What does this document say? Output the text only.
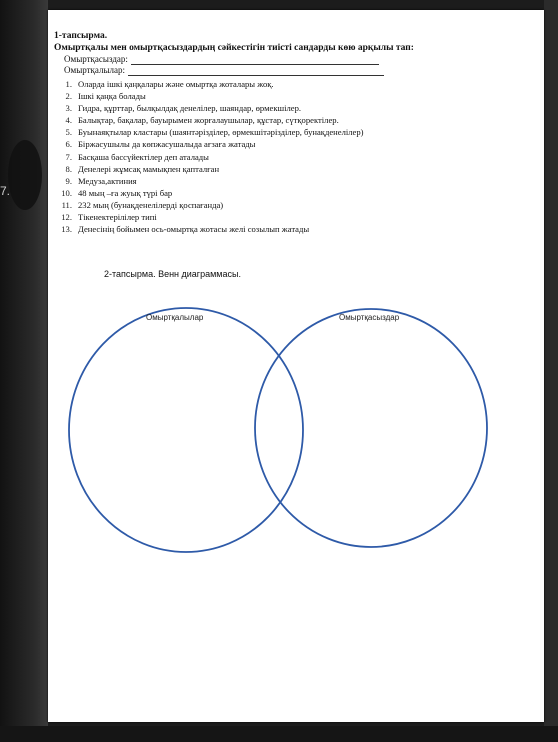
7.
1-тапсырма.
Омыртқалы мен омыртқасыздардың сәйкестігін тиісті сандарды көю арқылы тап:
Омыртқасыздар:
Омыртқалылар:
1. Оларда ішкі қаңқалары және омыртқа жоталары жоқ.
2. Ішкі қаңқа болады
3. Гидра, құрттар, былқылдақ денелілер, шаяндар, өрмекшілер.
4. Балықтар, бақалар, бауырымен жорғалаушылар, құстар, сүтқоректілер.
5. Буынаяқтылар кластары (шаянтәрізділер, өрмекшітәрізділер, бунақденелілер)
6. Біржасушылы да көпжасушалыда ағзаға жатады
7. Басқаша бассүйектілер деп аталады
8. Денелері жұмсақ мамықпен қапталған
9. Медуза,актиния
10. 48 мың –ға жуық түрі бар
11. 232 мың (бунақденелілерді қоспағанда)
12. Тікенектерілілер типі
13. Денесінің бойымен ось-омыртқа жотасы желі созылып жатады
2-тапсырма. Венн диаграммасы.
Омыртқалылар	Омыртқасыздар
